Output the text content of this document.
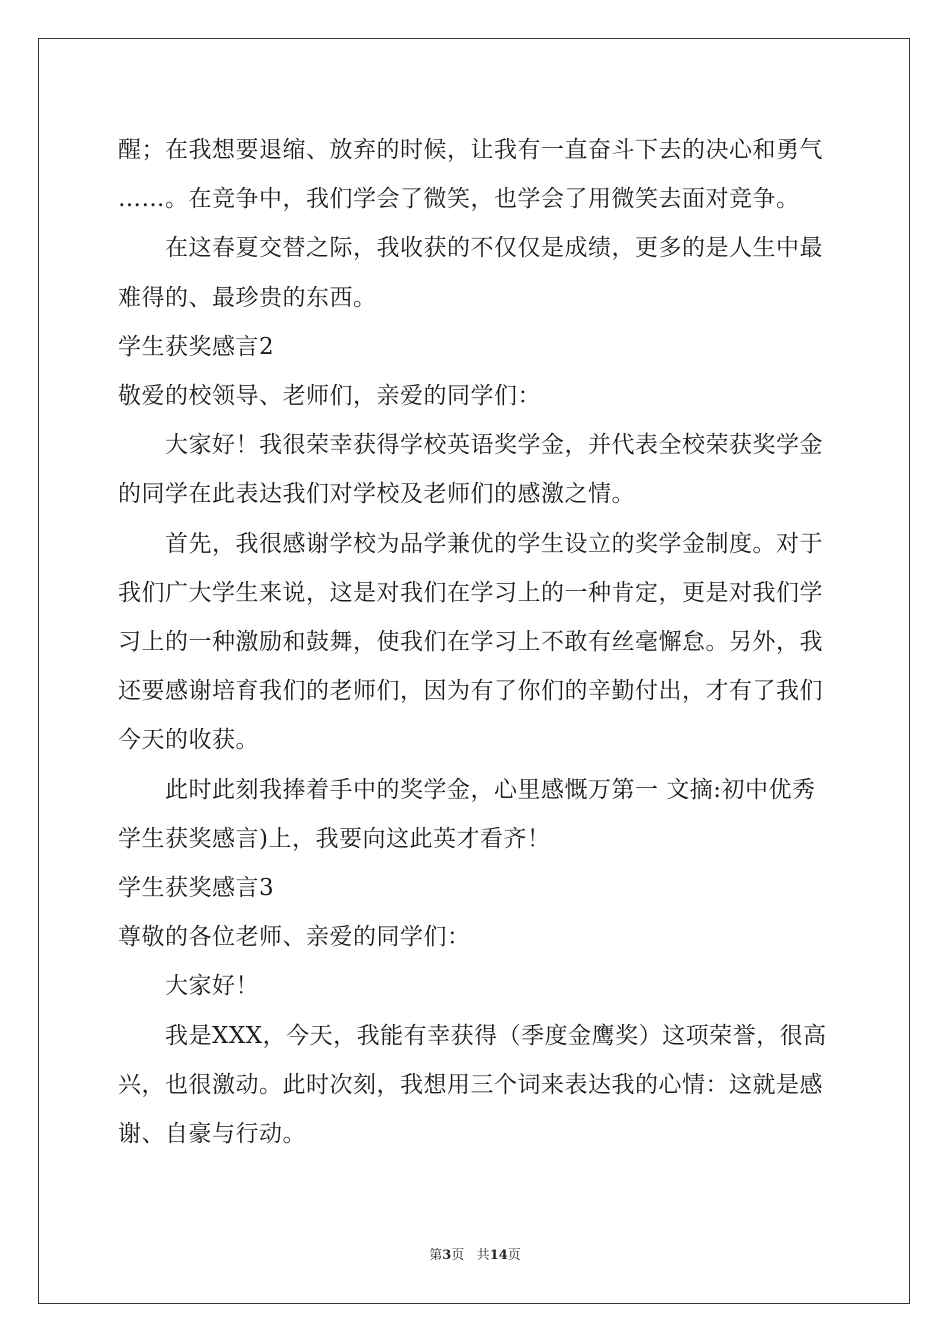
醒；在我想要退缩、放弃的时候，让我有一直奋斗下去的决心和勇气
……。在竞争中，我们学会了微笑，也学会了用微笑去面对竞争。
在这春夏交替之际，我收获的不仅仅是成绩，更多的是人生中最
难得的、最珍贵的东西。
学生获奖感言2
敬爱的校领导、老师们，亲爱的同学们：
大家好！我很荣幸获得学校英语奖学金，并代表全校荣获奖学金
的同学在此表达我们对学校及老师们的感激之情。
首先，我很感谢学校为品学兼优的学生设立的奖学金制度。对于
我们广大学生来说，这是对我们在学习上的一种肯定，更是对我们学
习上的一种激励和鼓舞，使我们在学习上不敢有丝毫懈怠。另外，我
还要感谢培育我们的老师们，因为有了你们的辛勤付出，才有了我们
今天的收获。
此时此刻我捧着手中的奖学金，心里感慨万第一 文摘:初中优秀
学生获奖感言)上，我要向这此英才看齐！
学生获奖感言3
尊敬的各位老师、亲爱的同学们：
大家好！
我是XXX，今天，我能有幸获得（季度金鹰奖）这项荣誉，很高
兴，也很激动。此时次刻，我想用三个词来表达我的心情：这就是感
谢、自豪与行动。
第3页 共14页
